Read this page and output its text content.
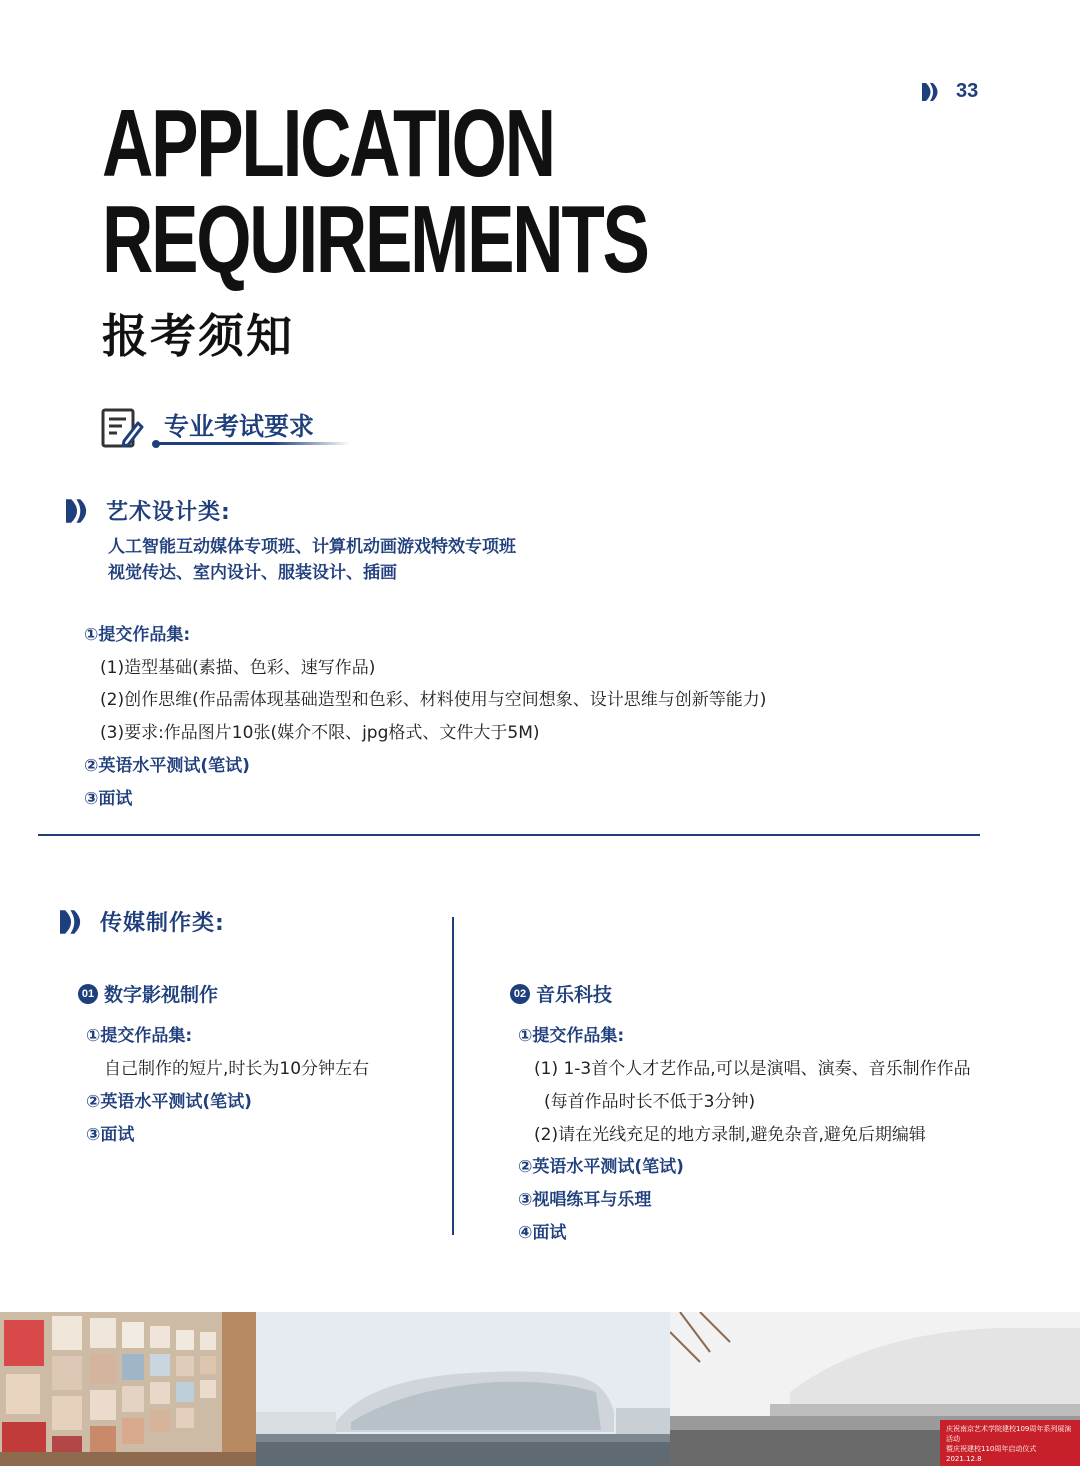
33
APPLICATION
REQUIREMENTS
报考须知
专业考试要求
艺术设计类:
人工智能互动媒体专项班、计算机动画游戏特效专项班
视觉传达、室内设计、服装设计、插画
①提交作品集:
(1)造型基础(素描、色彩、速写作品)
(2)创作思维(作品需体现基础造型和色彩、材料使用与空间想象、设计思维与创新等能力)
(3)要求:作品图片10张(媒介不限、jpg格式、文件大于5M)
②英语水平测试(笔试)
③面试
传媒制作类:
01 数字影视制作
①提交作品集:
自己制作的短片,时长为10分钟左右
②英语水平测试(笔试)
③面试
02 音乐科技
①提交作品集:
(1) 1-3首个人才艺作品,可以是演唱、演奏、音乐制作作品
(每首作品时长不低于3分钟)
(2)请在光线充足的地方录制,避免杂音,避免后期编辑
②英语水平测试(笔试)
③视唱练耳与乐理
④面试
庆祝南京艺术学院建校109周年系列展演活动
暨庆祝建校110周年启动仪式
2021.12.8
